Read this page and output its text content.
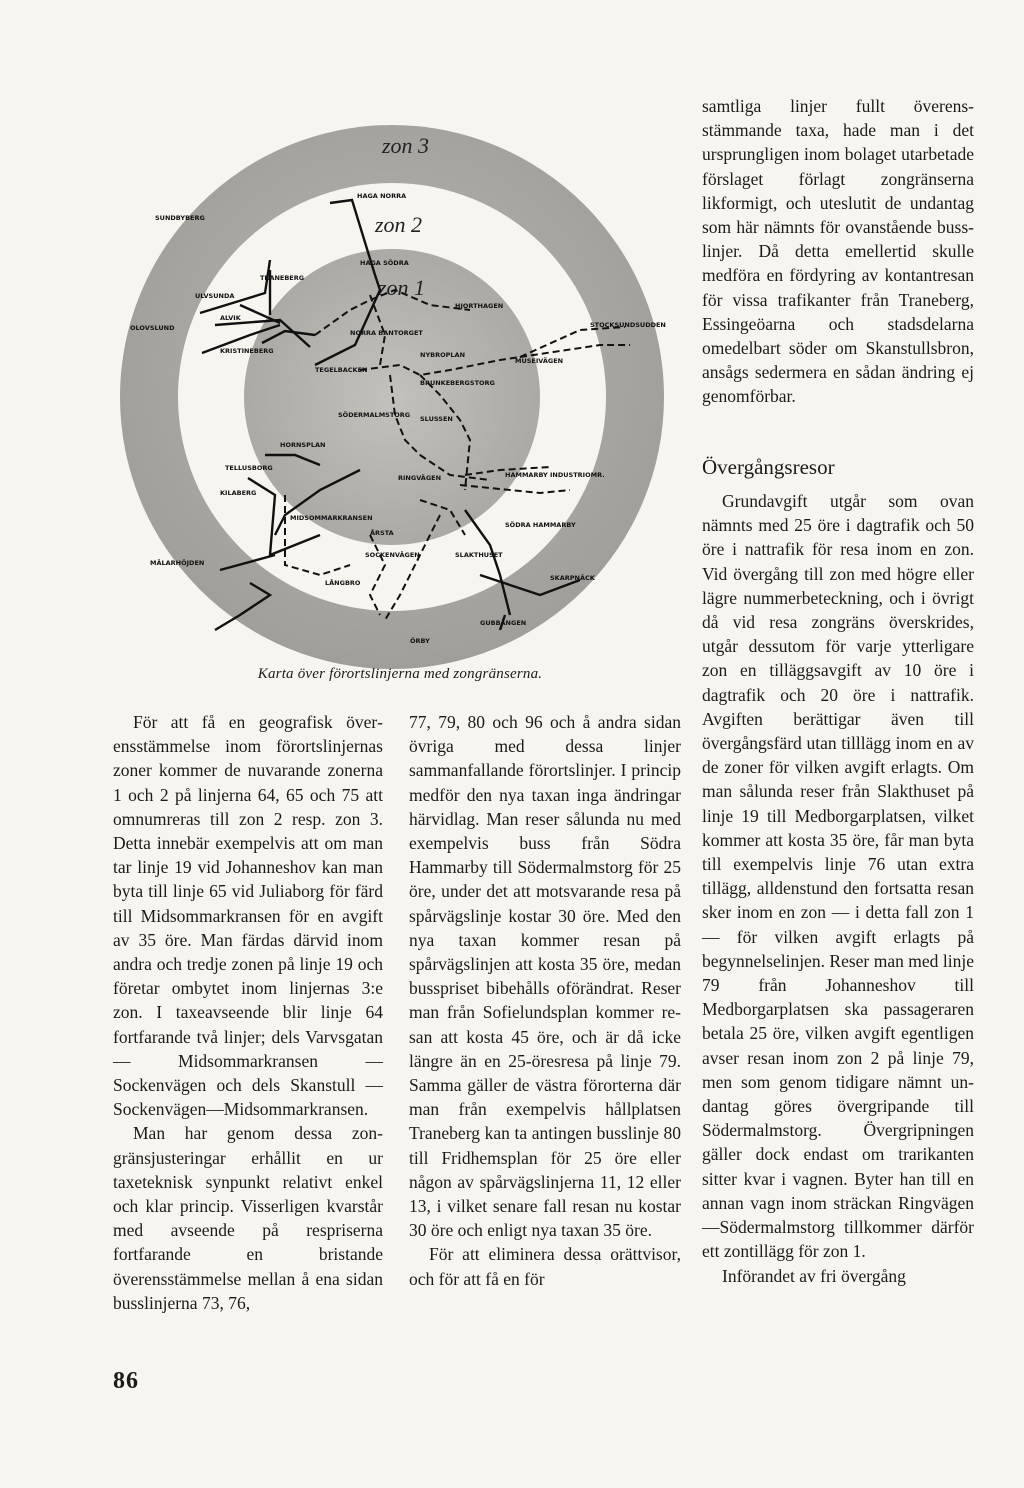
zon 3
zon 2
zon 1
SUNDBYBERG
ULVSUNDA
TRANEBERG
ALVIK
KRISTINEBERG
OLOVSLUND
HAGA NORRA
HAGA SÖDRA
NORRA BANTORGET
TEGELBACKEN
HJORTHAGEN
NYBROPLAN
MUSEIVÄGEN
BRUNKEBERGSTORG
SÖDERMALMSTORG SLUSSEN
HORNSPLAN
TELLUSBORG
RINGVÄGEN	HAMMARBY INDUSTRIOMR.
MIDSOMMARKRANSEN
ÅRSTA
SOCKENVÄGEN	SLAKTHUSET
SÖDRA HAMMARBY
MÄLARHÖJDEN
LÅNGBRO
SKARPNÄCK
GUBBÄNGEN
ÖRBY
KILABERG
STOCKSUNDSUDDEN
Karta över förortslinjerna med zongränserna.

samtliga linjer fullt överensstämmande taxa, hade man i det ursprungligen inom bolaget utarbetade förslaget förlagt zongränserna likformigt, och uteslutit de undantag som här nämnts för ovanstående busslinjer. Då detta emellertid skulle medföra en fördyring av kontantresan för vissa trafikanter från Traneberg, Essingeöarna och stadsdelarna omedelbart söder om Skanstullsbron, ansågs sedermera en sådan ändring ej genomförbar.

Övergångsresor

Grundavgift utgår som ovan nämnts med 25 öre i dagtrafik och 50 öre i nattrafik för resa inom en zon. Vid övergång till zon med högre eller lägre nummerbeteckning, och i övrigt då vid resa zongräns överskrides, utgår dessutom för varje ytterligare zon en tilläggsavgift av 10 öre i dagtrafik och 20 öre i nattrafik. Avgiften berättigar även till övergångsfärd utan tilllägg inom en av de zoner för vilken avgift erlagts. Om man sålunda reser från Slakthuset på linje 19 till Medborgarplatsen, vilket kommer att kosta 35 öre, får man byta till exempelvis linje 76 utan extra tillägg, alldenstund den fortsatta resan sker inom en zon — i detta fall zon 1 — för vilken avgift erlagts på begynnelselinjen. Reser man med linje 79 från Johanneshov till Medborgarplatsen ska passageraren betala 25 öre, vilken avgift egentligen avser resan inom zon 2 på linje 79, men som genom tidigare nämnt undantag göres övergripande till Södermalmstorg. Övergripningen gäller dock endast om trarikanten sitter kvar i vagnen. Byter han till en annan vagn inom sträckan Ringvägen—Södermalmstorg tillkommer därför ett zontillägg för zon 1.

Införandet av fri övergång

För att få en geografisk överensstämmelse inom förortslinjernas zoner kommer de nuvarande zonerna 1 och 2 på linjerna 64, 65 och 75 att omnumreras till zon 2 resp. zon 3. Detta innebär exempelvis att om man tar linje 19 vid Johanneshov kan man byta till linje 65 vid Juliaborg för färd till Midsommarkransen för en avgift av 35 öre. Man färdas därvid inom andra och tredje zonen på linje 19 och företar ombytet inom linjernas 3:e zon. I taxeavseende blir linje 64 fortfarande två linjer; dels Varvsgatan — Midsommarkransen — Sockenvägen och dels Skanstull — Sockenvägen—Midsommarkransen.

Man har genom dessa zongränsjusteringar erhållit en ur taxeteknisk synpunkt relativt enkel och klar princip. Visserligen kvarstår med avseende på respriserna fortfarande en bristande överensstämmelse mellan å ena sidan busslinjerna 73, 76,

77, 79, 80 och 96 och å andra sidan övriga med dessa linjer sammanfallande förortslinjer. I princip medför den nya taxan inga ändringar härvidlag. Man reser sålunda nu med exempelvis buss från Södra Hammarby till Södermalmstorg för 25 öre, under det att motsvarande resa på spårvägslinje kostar 30 öre. Med den nya taxan kommer resan på spårvägslinjen att kosta 35 öre, medan busspriset bibehålls oförändrat. Reser man från Sofielundsplan kommer resan att kosta 45 öre, och är då icke längre än en 25-öresresa på linje 79. Samma gäller de västra förorterna där man från exempelvis hållplatsen Traneberg kan ta antingen busslinje 80 till Fridhemsplan för 25 öre eller någon av spårvägslinjerna 11, 12 eller 13, i vilket senare fall resan nu kostar 30 öre och enligt nya taxan 35 öre.

För att eliminera dessa orättvisor, och för att få en för

86
